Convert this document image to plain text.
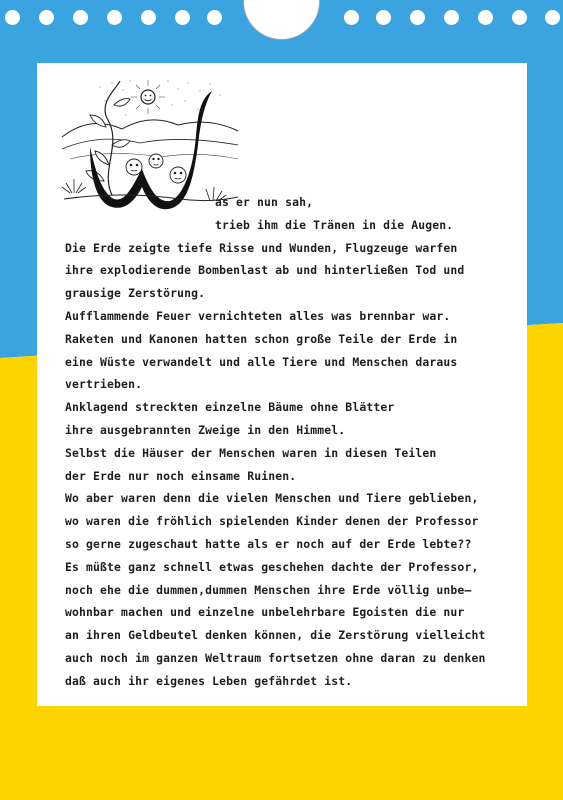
as er nun sah,
trieb ihm die Tränen in die Augen.
Die Erde zeigte tiefe Risse und Wunden, Flugzeuge warfen
ihre explodierende Bombenlast ab und hinterließen Tod und
grausige Zerstörung.
Aufflammende Feuer vernichteten alles was brennbar war.
Raketen und Kanonen hatten schon große Teile der Erde in
eine Wüste verwandelt und alle Tiere und Menschen daraus
vertrieben.
Anklagend streckten einzelne Bäume ohne Blätter
ihre ausgebrannten Zweige in den Himmel.
Selbst die Häuser der Menschen waren in diesen Teilen
der Erde nur noch einsame Ruinen.
Wo aber waren denn die vielen Menschen und Tiere geblieben,
wo waren die fröhlich spielenden Kinder denen der Professor
so gerne zugeschaut hatte als er noch auf der Erde lebte??
Es müßte ganz schnell etwas geschehen dachte der Professor,
noch ehe die dummen,dummen Menschen ihre Erde völlig unbe—
wohnbar machen und einzelne unbelehrbare Egoisten die nur
an ihren Geldbeutel denken können, die Zerstörung vielleicht
auch noch im ganzen Weltraum fortsetzen ohne daran zu denken
daß auch ihr eigenes Leben gefährdet ist.
